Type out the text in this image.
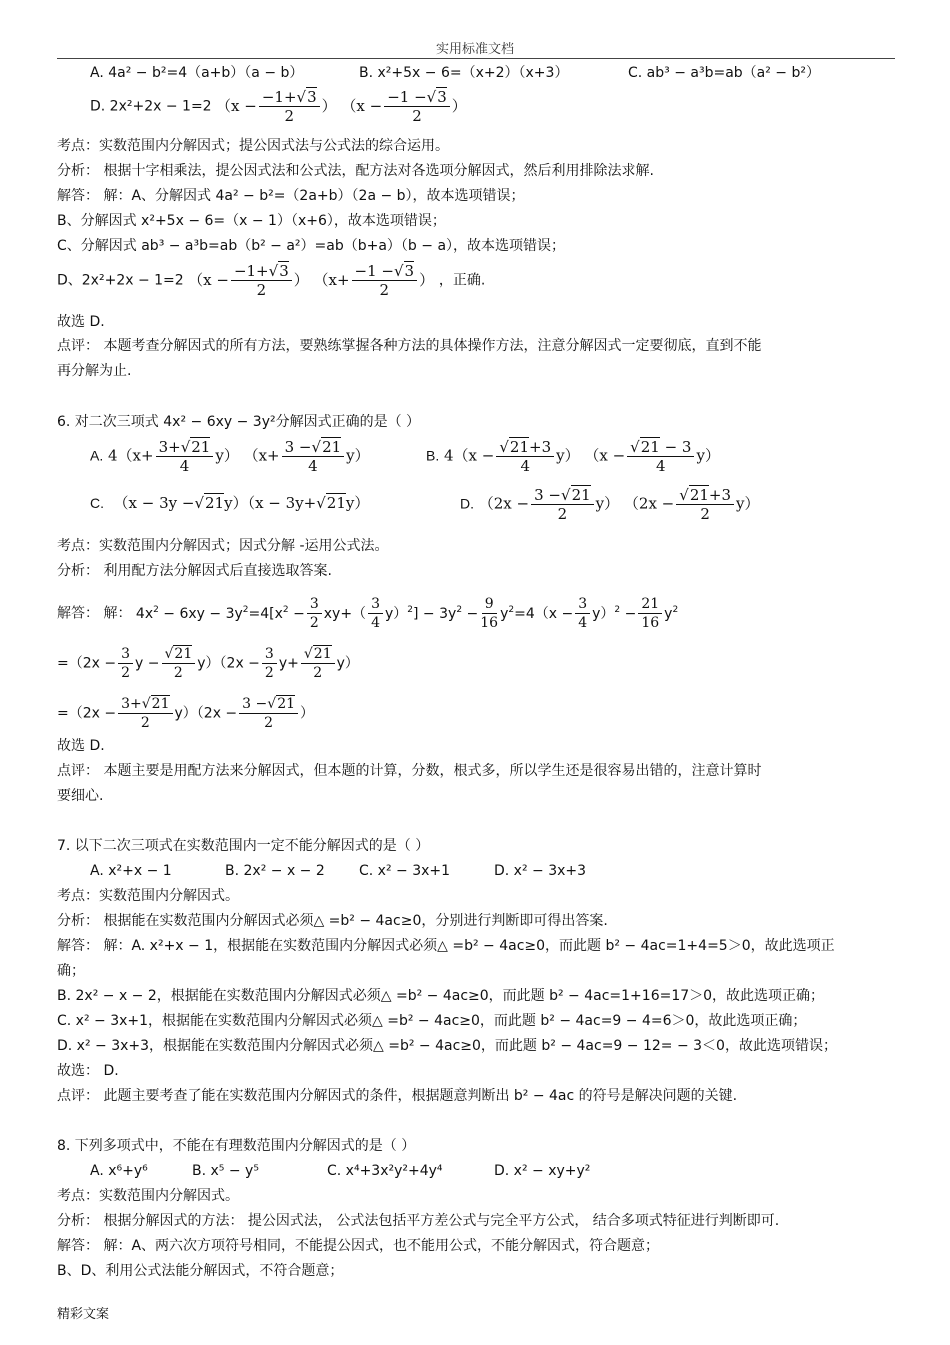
实用标准文档
A. 4a² − b²=4（a+b）（a − b）	B. x²+5x − 6=（x+2）（x+3）	C. ab³ − a³b=ab（a² − b²）
D. 2x²+2x − 1=2 （$x - \frac{-1+√3}{2}$ ） （$x - \frac{-1 -√3}{2}$ ）
考点：实数范围内分解因式；提公因式法与公式法的综合运用。
分析： 根据十字相乘法，提公因式法和公式法，配方法对各选项分解因式，然后利用排除法求解.
解答： 解：A、分解因式 4a² − b²=（2a+b）（2a − b），故本选项错误；
B、分解因式 x²+5x − 6=（x − 1）（x+6），故本选项错误；
C、分解因式 ab³ − a³b=ab（b² − a²）=ab（b+a）（b − a），故本选项错误；
D、2x²+2x − 1=2 （$x - \frac{-1+√3}{2}$ ） （$x+ \frac{-1 -√3}{2}$ ） ，正确.
故选 D.
点评： 本题考查分解因式的所有方法，要熟练掌握各种方法的具体操作方法，注意分解因式一定要彻底，直到不能
再分解为止.
6. 对二次三项式 4x² − 6xy − 3y²分解因式正确的是（ ）
A. $4(x+ \frac{3+√21}{4} y)$ $(x+ \frac{3 -√21}{4} y)$	B. $4(x - \frac{√21+3}{4} y)$ $(x - \frac{√21 - 3}{4} y)$
C.  （x − 3y −√21y）（x − 3y+√21y）	D. $(2x - \frac{3 -√21}{2} y)$ $(2x - \frac{√21+3}{2} y)$
考点：实数范围内分解因式；因式分解 -运用公式法。
分析： 利用配方法分解因式后直接选取答案.
解答： 解： $4x^2 - 6xy - 3y^2=4[x^2 - \frac{3}{2} xy+( \frac{3}{4} y)^2] - 3y^2 - \frac{9}{16} y^2=4(x - \frac{3}{4} y)^2 - \frac{21}{16} y^2$
$=(2x - \frac{3}{2}$ $y - \frac{√21}{2} y)(2x - \frac{3}{2} y+ \frac{√21}{2} y)$
$=(2x - \frac{3+√21}{2} y)(2x - \frac{3 -√21}{2}$ ）
故选 D.
点评： 本题主要是用配方法来分解因式，但本题的计算，分数，根式多，所以学生还是很容易出错的，注意计算时
要细心.
7. 以下二次三项式在实数范围内一定不能分解因式的是（ ）
A. x²+x − 1	B. 2x² − x − 2 C. x² − 3x+1	D. x² − 3x+3
考点：实数范围内分解因式。
分析： 根据能在实数范围内分解因式必须△ =b² − 4ac≥0，分别进行判断即可得出答案.
解答： 解：A. x²+x − 1，根据能在实数范围内分解因式必须△ =b² − 4ac≥0，而此题 b² − 4ac=1+4=5＞0，故此选项正
确；
B. 2x² − x − 2，根据能在实数范围内分解因式必须△ =b² − 4ac≥0，而此题 b² − 4ac=1+16=17＞0，故此选项正确；
C. x² − 3x+1，根据能在实数范围内分解因式必须△ =b² − 4ac≥0，而此题 b² − 4ac=9 − 4=6＞0，故此选项正确；
D. x² − 3x+3，根据能在实数范围内分解因式必须△ =b² − 4ac≥0，而此题 b² − 4ac=9 − 12= − 3＜0，故此选项错误；
故选： D.
点评： 此题主要考查了能在实数范围内分解因式的条件，根据题意判断出 b² − 4ac 的符号是解决问题的关键.
8. 下列多项式中，不能在有理数范围内分解因式的是（ ）
A. x⁶+y⁶	B. x⁵ − y⁵	C. x⁴+3x²y²+4y⁴	D. x² − xy+y²
考点：实数范围内分解因式。
分析： 根据分解因式的方法： 提公因式法， 公式法包括平方差公式与完全平方公式， 结合多项式特征进行判断即可.
解答： 解：A、两六次方项符号相同，不能提公因式，也不能用公式，不能分解因式，符合题意；
B、D、利用公式法能分解因式，不符合题意；
精彩文案
